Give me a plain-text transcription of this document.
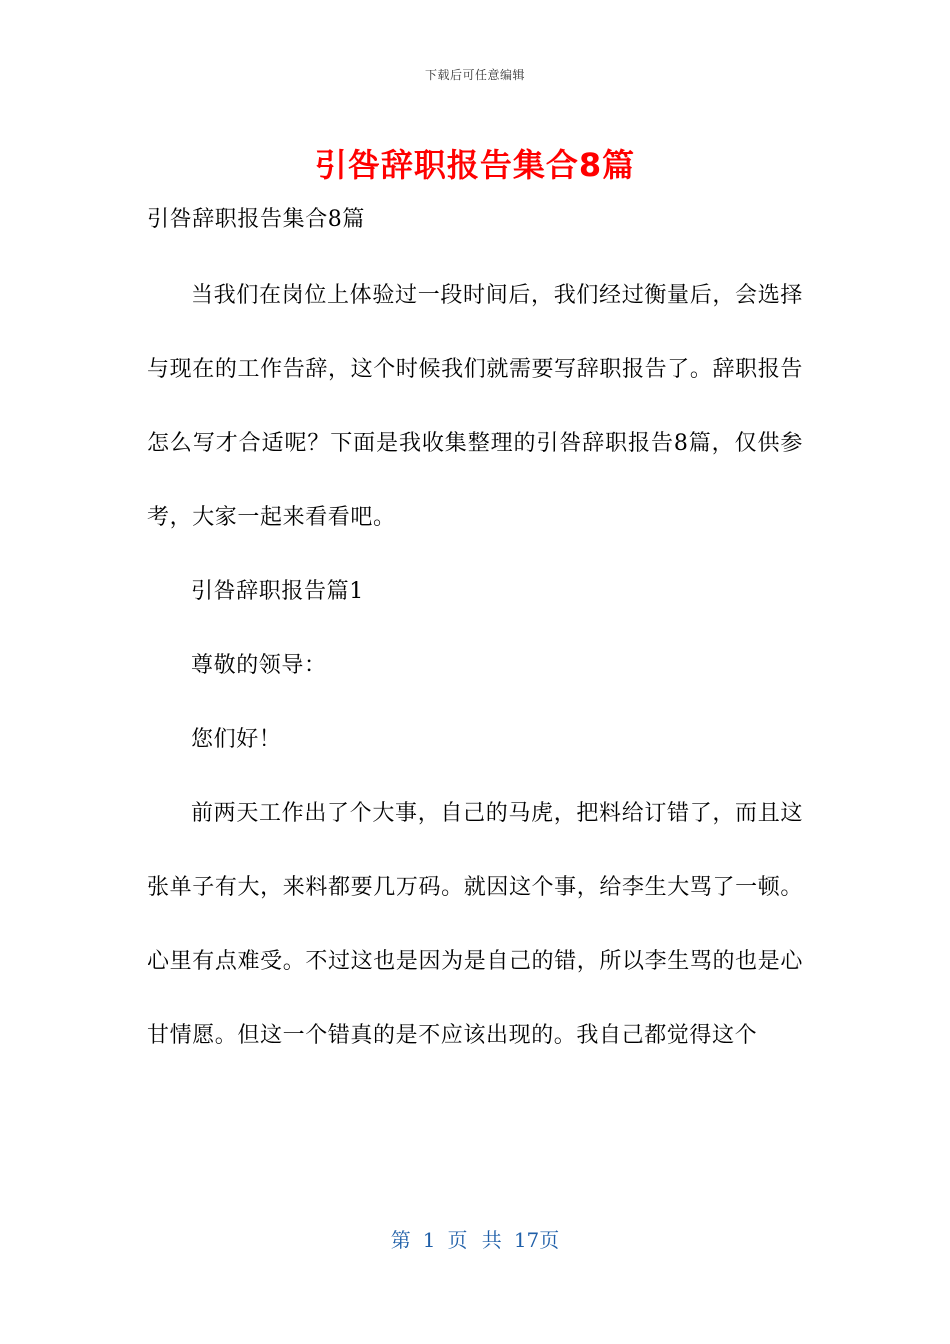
下载后可任意编辑
引咎辞职报告集合8篇
引咎辞职报告集合8篇

当我们在岗位上体验过一段时间后，我们经过衡量后，会选择与现在的工作告辞，这个时候我们就需要写辞职报告了。辞职报告怎么写才合适呢？下面是我收集整理的引咎辞职报告8篇，仅供参考，大家一起来看看吧。

引咎辞职报告篇1

尊敬的领导：

您们好！

前两天工作出了个大事，自己的马虎，把料给订错了，而且这张单子有大，来料都要几万码。就因这个事，给李生大骂了一顿。心里有点难受。不过这也是因为是自己的错，所以李生骂的也是心甘情愿。但这一个错真的是不应该出现的。我自己都觉得这个

第 1 页 共 17页
